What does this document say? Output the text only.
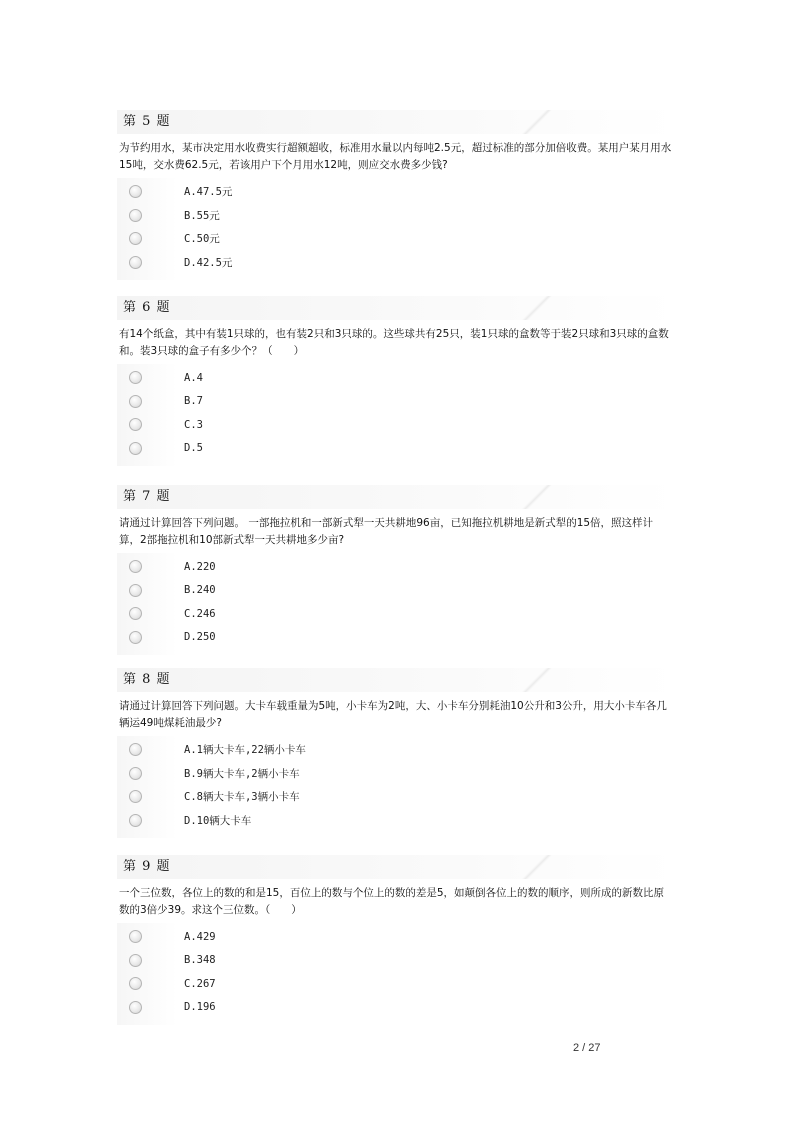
第 5 题
为节约用水，某市决定用水收费实行超额超收，标准用水量以内每吨2.5元，超过标准的部分加倍收费。某用户某月用水15吨，交水费62.5元，若该用户下个月用水12吨，则应交水费多少钱?
A.47.5元
B.55元
C.50元
D.42.5元
第 6 题
有14个纸盒，其中有装1只球的，也有装2只和3只球的。这些球共有25只，装1只球的盒数等于装2只球和3只球的盒数和。装3只球的盒子有多少个？（　　）
A.4
B.7
C.3
D.5
第 7 题
请通过计算回答下列问题。 一部拖拉机和一部新式犁一天共耕地96亩，已知拖拉机耕地是新式犁的15倍，照这样计算，2部拖拉机和10部新式犁一天共耕地多少亩?
A.220
B.240
C.246
D.250
第 8 题
请通过计算回答下列问题。大卡车载重量为5吨，小卡车为2吨，大、小卡车分别耗油10公升和3公升，用大小卡车各几辆运49吨煤耗油最少?
A.1辆大卡车,22辆小卡车
B.9辆大卡车,2辆小卡车
C.8辆大卡车,3辆小卡车
D.10辆大卡车
第 9 题
一个三位数，各位上的数的和是15，百位上的数与个位上的数的差是5，如颠倒各位上的数的顺序，则所成的新数比原数的3倍少39。求这个三位数。（　　）
A.429
B.348
C.267
D.196
2 / 27
